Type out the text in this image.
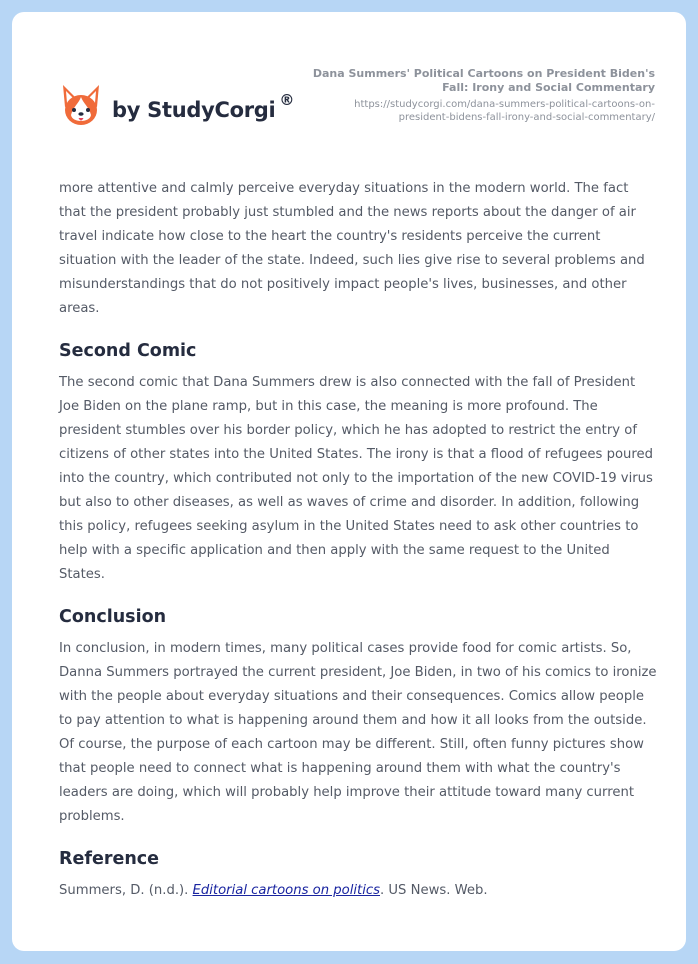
by StudyCorgi ®
Dana Summers' Political Cartoons on President Biden's Fall: Irony and Social Commentary
https://studycorgi.com/dana-summers-political-cartoons-on-president-bidens-fall-irony-and-social-commentary/

more attentive and calmly perceive everyday situations in the modern world. The fact that the president probably just stumbled and the news reports about the danger of air travel indicate how close to the heart the country's residents perceive the current situation with the leader of the state. Indeed, such lies give rise to several problems and misunderstandings that do not positively impact people's lives, businesses, and other areas.

Second Comic

The second comic that Dana Summers drew is also connected with the fall of President Joe Biden on the plane ramp, but in this case, the meaning is more profound. The president stumbles over his border policy, which he has adopted to restrict the entry of citizens of other states into the United States. The irony is that a flood of refugees poured into the country, which contributed not only to the importation of the new COVID-19 virus but also to other diseases, as well as waves of crime and disorder. In addition, following this policy, refugees seeking asylum in the United States need to ask other countries to help with a specific application and then apply with the same request to the United States.

Conclusion

In conclusion, in modern times, many political cases provide food for comic artists. So, Danna Summers portrayed the current president, Joe Biden, in two of his comics to ironize with the people about everyday situations and their consequences. Comics allow people to pay attention to what is happening around them and how it all looks from the outside. Of course, the purpose of each cartoon may be different. Still, often funny pictures show that people need to connect what is happening around them with what the country's leaders are doing, which will probably help improve their attitude toward many current problems.

Reference

Summers, D. (n.d.). Editorial cartoons on politics. US News. Web.
